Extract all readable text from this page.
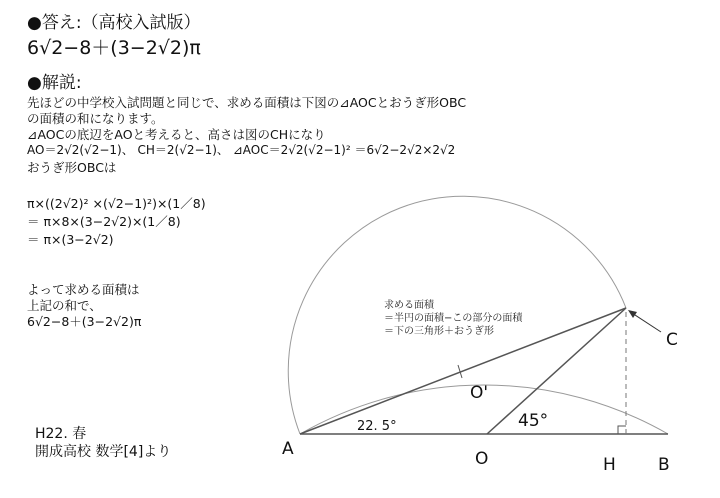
●答え:（高校入試版）
6√2−8＋(3−2√2)π
●解説:
先ほどの中学校入試問題と同じで、求める面積は下図の⊿AOCとおうぎ形OBC
の面積の和になります。
⊿AOCの底辺をAOと考えると、高さは図のCHになり
AO＝2√2(√2−1)、 CH＝2(√2−1)、 ⊿AOC＝2√2(√2−1)² ＝6√2−2√2×2√2
おうぎ形OBCは
π×((2√2)² ×(√2−1)²)×(1／8)
＝ π×8×(3−2√2)×(1／8)
＝ π×(3−2√2)
よって求める面積は
上記の和で、
6√2−8＋(3−2√2)π
H22. 春
開成高校 数学[4]より
求める面積
＝半円の面積−この部分の面積
＝下の三角形＋おうぎ形
22. 5°	45°
A	O
O'
H B
C
